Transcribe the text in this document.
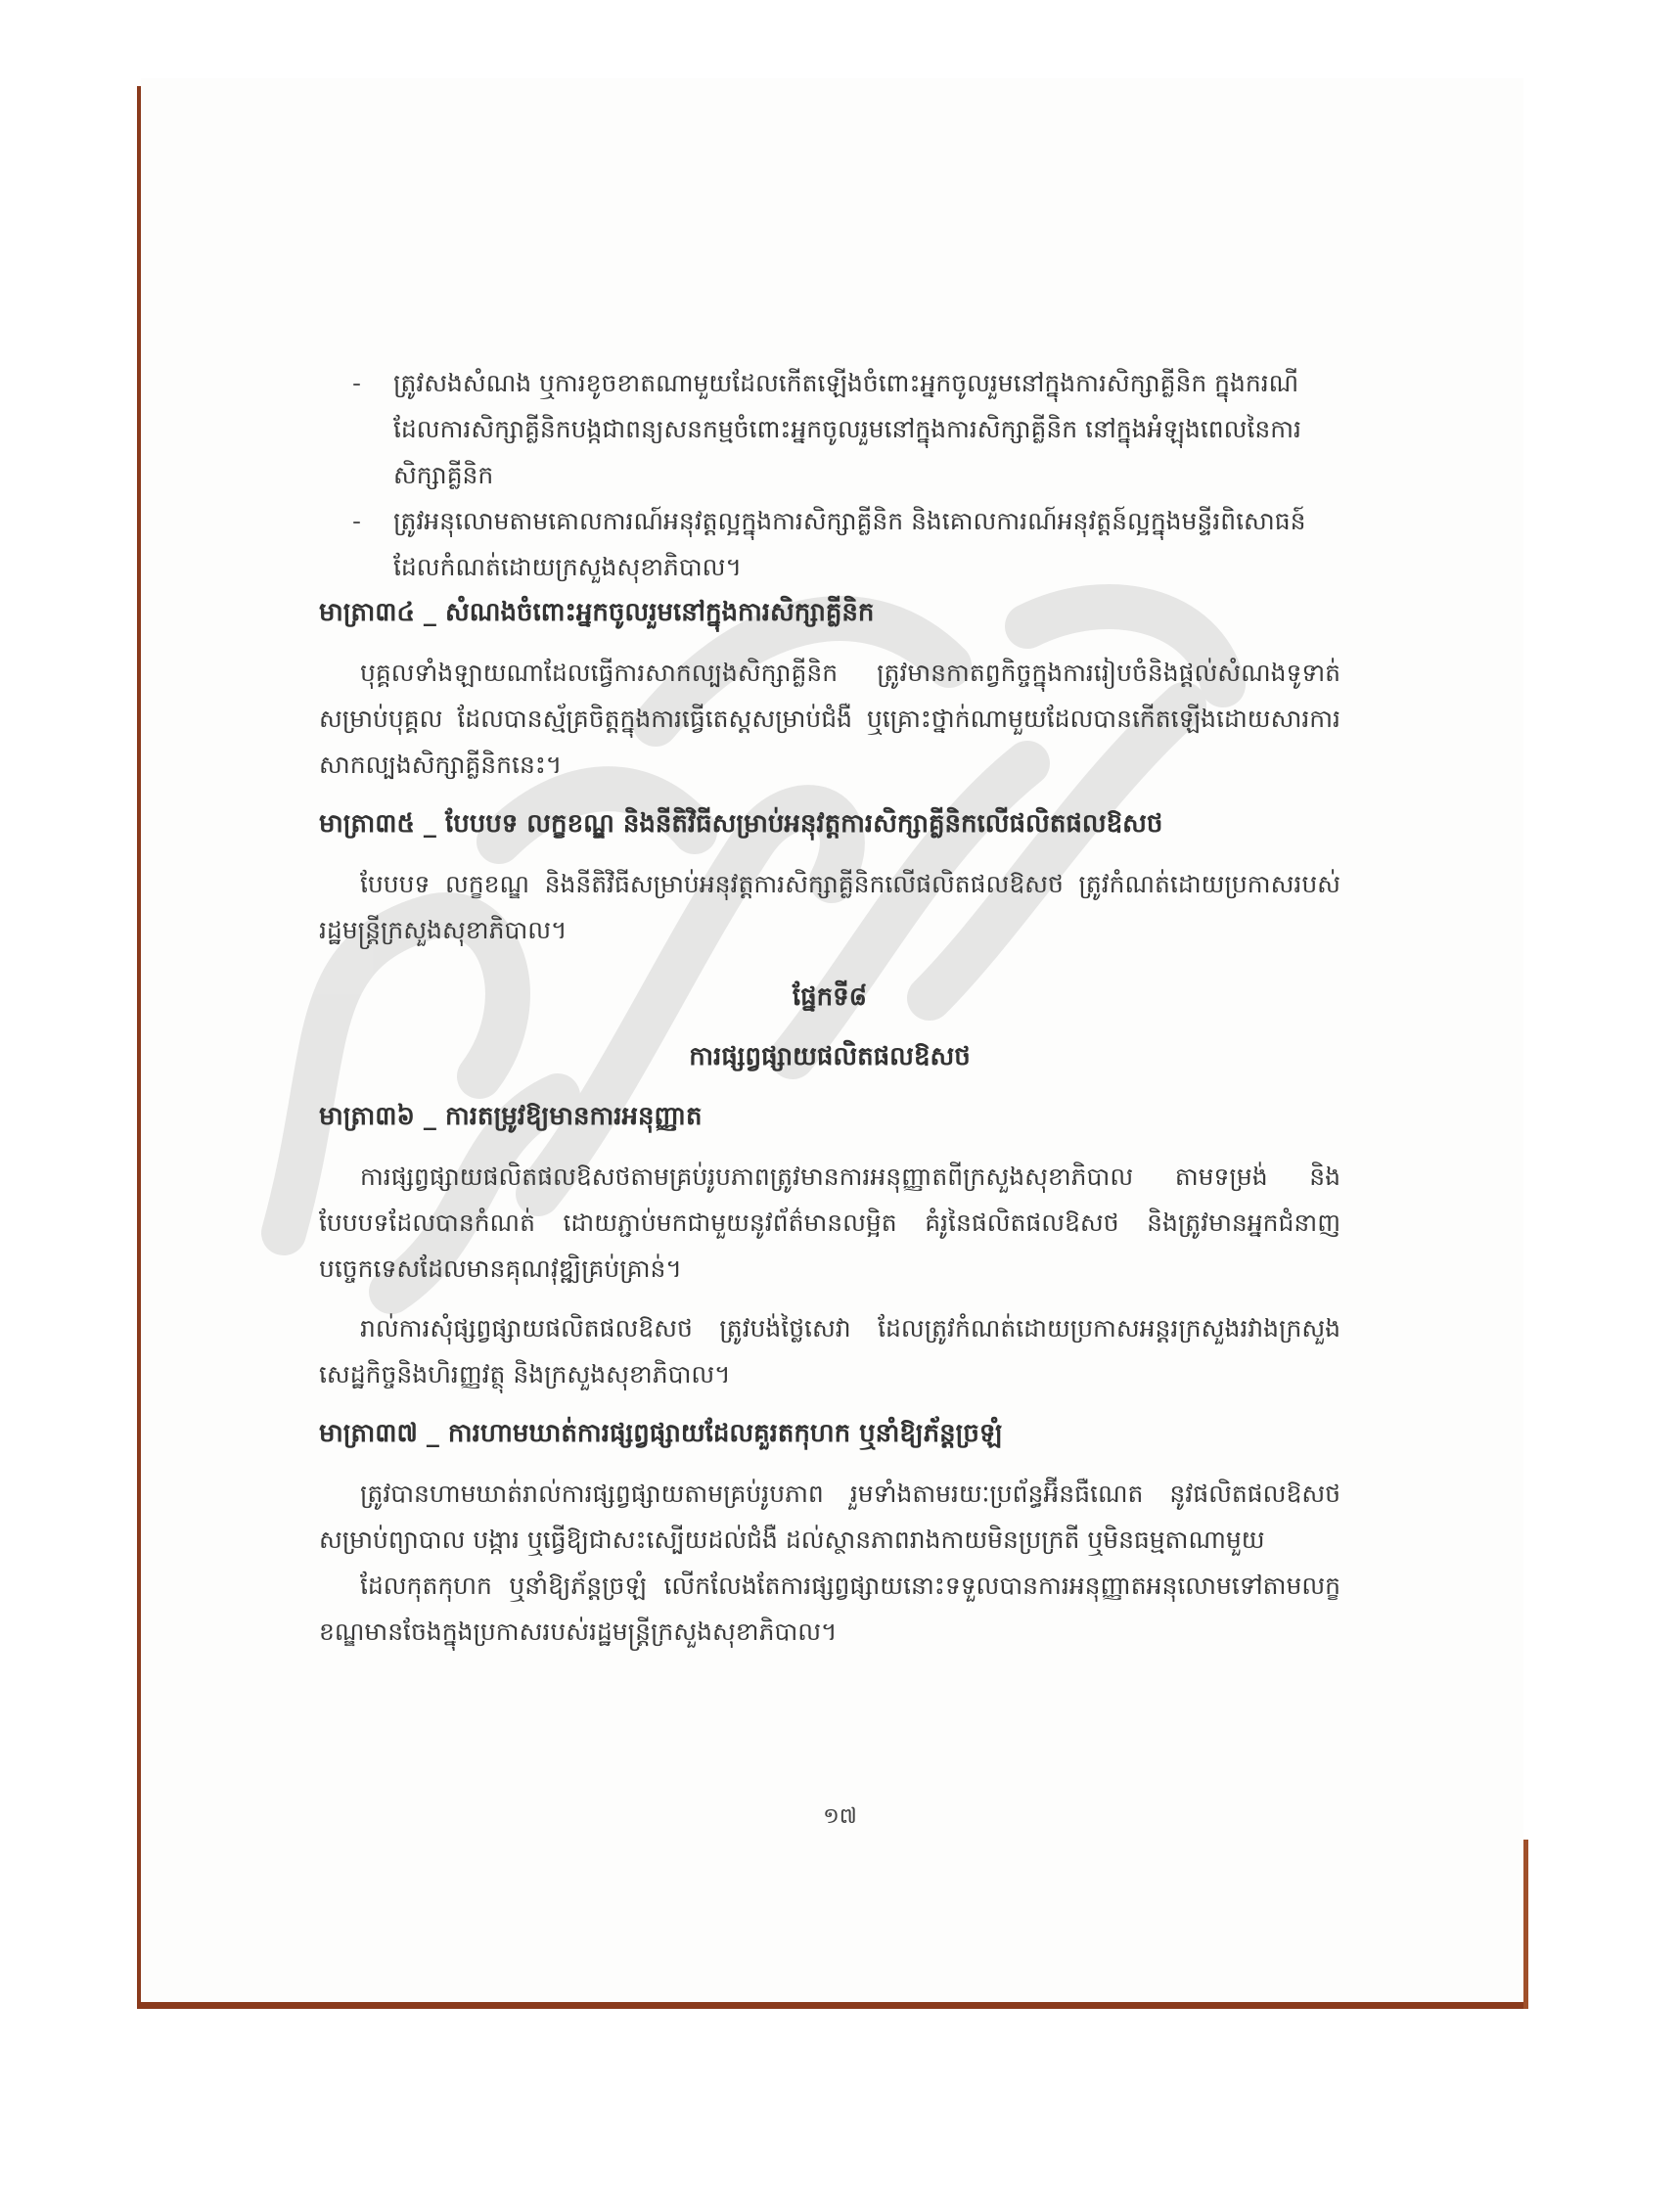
- ត្រូវសងសំណង ឬការខូចខាតណាមួយដែលកើតឡើងចំពោះអ្នកចូលរួមនៅក្នុងការសិក្សាគ្លីនិក ក្នុងករណីដែលការសិក្សាគ្លីនិកបង្កជាពន្យសនកម្មចំពោះអ្នកចូលរួមនៅក្នុងការសិក្សាគ្លីនិក នៅក្នុងអំឡុងពេលនៃការសិក្សាគ្លីនិក

- ត្រូវអនុលោមតាមគោលការណ៍អនុវត្តល្អក្នុងការសិក្សាគ្លីនិក និងគោលការណ៍អនុវត្តន៍ល្អក្នុងមន្ទីរពិសោធន៍ ដែលកំណត់ដោយក្រសួងសុខាភិបាល។

មាត្រា៣៤ _ សំណងចំពោះអ្នកចូលរួមនៅក្នុងការសិក្សាគ្លីនិក

បុគ្គលទាំងឡាយណាដែលធ្វើការសាកល្បងសិក្សាគ្លីនិក ត្រូវមានកាតព្វកិច្ចក្នុងការរៀបចំនិងផ្តល់សំណងទូទាត់ សម្រាប់បុគ្គល ដែលបានស្ម័គ្រចិត្តក្នុងការធ្វើតេស្តសម្រាប់ជំងឺ ឬគ្រោះថ្នាក់ណាមួយដែលបានកើតឡើងដោយសារការសាកល្បងសិក្សាគ្លីនិកនេះ។

មាត្រា៣៥ _ បែបបទ លក្ខខណ្ឌ និងនីតិវិធីសម្រាប់អនុវត្តការសិក្សាគ្លីនិកលើផលិតផលឱសថ

បែបបទ លក្ខខណ្ឌ និងនីតិវិធីសម្រាប់អនុវត្តការសិក្សាគ្លីនិកលើផលិតផលឱសថ ត្រូវកំណត់ដោយប្រកាសរបស់រដ្ឋមន្ត្រីក្រសួងសុខាភិបាល។

ផ្នែកទី៨

ការផ្សព្វផ្សាយផលិតផលឱសថ

មាត្រា៣៦ _ ការតម្រូវឱ្យមានការអនុញ្ញាត

ការផ្សព្វផ្សាយផលិតផលឱសថតាមគ្រប់រូបភាពត្រូវមានការអនុញ្ញាតពីក្រសួងសុខាភិបាល តាមទម្រង់ និងបែបបទដែលបានកំណត់ ដោយភ្ជាប់មកជាមួយនូវព័ត៌មានលម្អិត គំរូនៃផលិតផលឱសថ និងត្រូវមានអ្នកជំនាញបច្ចេកទេសដែលមានគុណវុឌ្ឍិគ្រប់គ្រាន់។

រាល់ការសុំផ្សព្វផ្សាយផលិតផលឱសថ ត្រូវបង់ថ្លៃសេវា ដែលត្រូវកំណត់ដោយប្រកាសអន្តរក្រសួងរវាងក្រសួងសេដ្ឋកិច្ចនិងហិរញ្ញវត្ថុ និងក្រសួងសុខាភិបាល។

មាត្រា៣៧ _ ការហាមឃាត់ការផ្សព្វផ្សាយដែលគួរតកុហក ឬនាំឱ្យភ័ន្តច្រឡំ

ត្រូវបានហាមឃាត់រាល់ការផ្សព្វផ្សាយតាមគ្រប់រូបភាព រួមទាំងតាមរយៈប្រព័ន្ធអ៊ីនធឺណេត នូវផលិតផលឱសថ សម្រាប់ព្យាបាល បង្ការ ឬធ្វើឱ្យជាសះស្បើយដល់ជំងឺ ដល់ស្ថានភាពរាងកាយមិនប្រក្រតី ឬមិនធម្មតាណាមួយ

ដែលកុតកុហក ឬនាំឱ្យភ័ន្តច្រឡំ លើកលែងតែការផ្សព្វផ្សាយនោះទទួលបានការអនុញ្ញាតអនុលោមទៅតាមលក្ខខណ្ឌមានចែងក្នុងប្រកាសរបស់រដ្ឋមន្ត្រីក្រសួងសុខាភិបាល។

១៧
